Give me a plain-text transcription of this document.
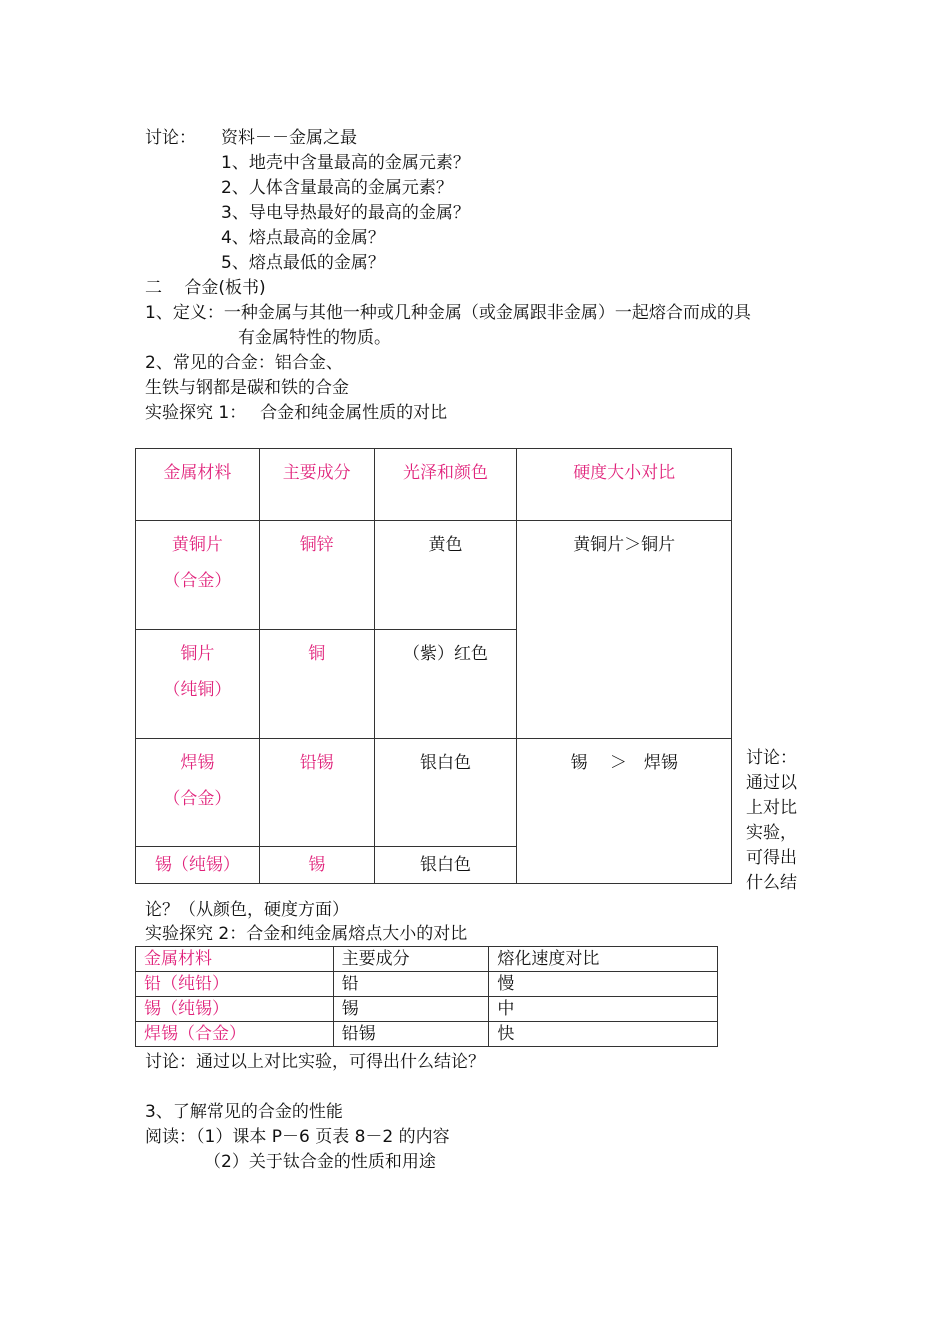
讨论： 资料－－金属之最
1、地壳中含量最高的金属元素？
2、人体含量最高的金属元素？
3、导电导热最好的最高的金属？
4、熔点最高的金属？
5、熔点最低的金属？
二　 合金(板书)
1、定义：一种金属与其他一种或几种金属（或金属跟非金属）一起熔合而成的具
有金属特性的物质。
2、常见的合金：铝合金、
生铁与钢都是碳和铁的合金
实验探究 1：　 合金和纯金属性质的对比
金属材料	主要成分	光泽和颜色	硬度大小对比

黄铜片
（合金）	铜锌	黄色	黄铜片＞铜片

铜片
（纯铜）	铜	（紫）红色	

焊锡
（合金）	铅锡	银白色	锡　 ＞　焊锡

锡（纯锡）	锡	银白色	
讨论：通过以上对比实验，可得出什么结
论？（从颜色，硬度方面）
实验探究 2：合金和纯金属熔点大小的对比
金属材料	主要成分	熔化速度对比
铅（纯铅）	铅	慢
锡（纯锡）	锡	中
焊锡（合金）	铅锡	快
讨论：通过以上对比实验，可得出什么结论？
3、了解常见的合金的性能
阅读：（1）课本 P－6 页表 8－2 的内容
（2）关于钛合金的性质和用途
